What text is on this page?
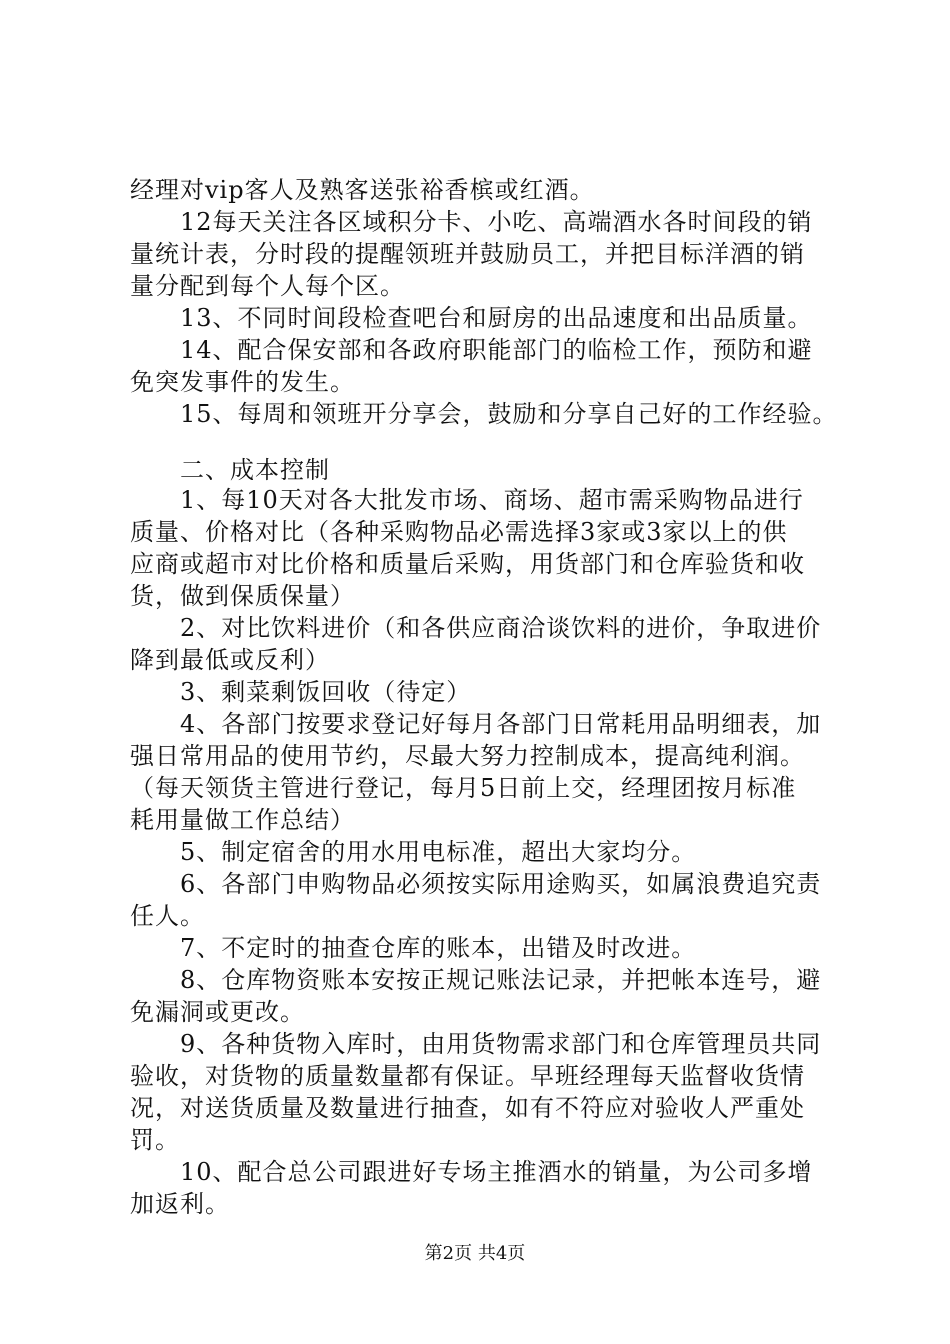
经理对vip客人及熟客送张裕香槟或红酒。

　　12每天关注各区域积分卡、小吃、高端酒水各时间段的销

量统计表，分时段的提醒领班并鼓励员工，并把目标洋酒的销

量分配到每个人每个区。

　　13、不同时间段检查吧台和厨房的出品速度和出品质量。

　　14、配合保安部和各政府职能部门的临检工作，预防和避

免突发事件的发生。

　　15、每周和领班开分享会，鼓励和分享自己好的工作经验。

　　二、成本控制

　　1、每10天对各大批发市场、商场、超市需采购物品进行

质量、价格对比（各种采购物品必需选择3家或3家以上的供

应商或超市对比价格和质量后采购，用货部门和仓库验货和收

货，做到保质保量）

　　2、对比饮料进价（和各供应商洽谈饮料的进价，争取进价

降到最低或反利）

　　3、剩菜剩饭回收（待定）

　　4、各部门按要求登记好每月各部门日常耗用品明细表，加

强日常用品的使用节约，尽最大努力控制成本，提高纯利润。

（每天领货主管进行登记，每月5日前上交，经理团按月标准

耗用量做工作总结）

　　5、制定宿舍的用水用电标准，超出大家均分。

　　6、各部门申购物品必须按实际用途购买，如属浪费追究责

任人。

　　7、不定时的抽查仓库的账本，出错及时改进。

　　8、仓库物资账本安按正规记账法记录，并把帐本连号，避

免漏洞或更改。

　　9、各种货物入库时，由用货物需求部门和仓库管理员共同

验收，对货物的质量数量都有保证。早班经理每天监督收货情

况，对送货质量及数量进行抽查，如有不符应对验收人严重处

罚。

　　10、配合总公司跟进好专场主推酒水的销量，为公司多增

加返利。

第2页 共4页
